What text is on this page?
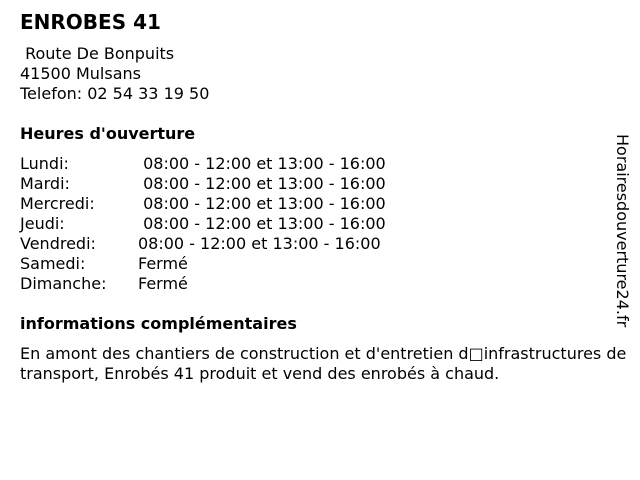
ENROBES 41
Route De Bonpuits
41500 Mulsans
Telefon: 02 54 33 19 50
Heures d'ouverture
Lundi:	08:00 - 12:00 et 13:00 - 16:00
Mardi:	08:00 - 12:00 et 13:00 - 16:00
Mercredi:	08:00 - 12:00 et 13:00 - 16:00
Jeudi:	08:00 - 12:00 et 13:00 - 16:00
Vendredi:	08:00 - 12:00 et 13:00 - 16:00
Samedi:	Fermé
Dimanche: Fermé
informations complémentaires

En amont des chantiers de construction et d'entretien d□infrastructures de transport, Enrobés 41 produit et vend des enrobés à chaud.

Horairesdouverture24.fr
